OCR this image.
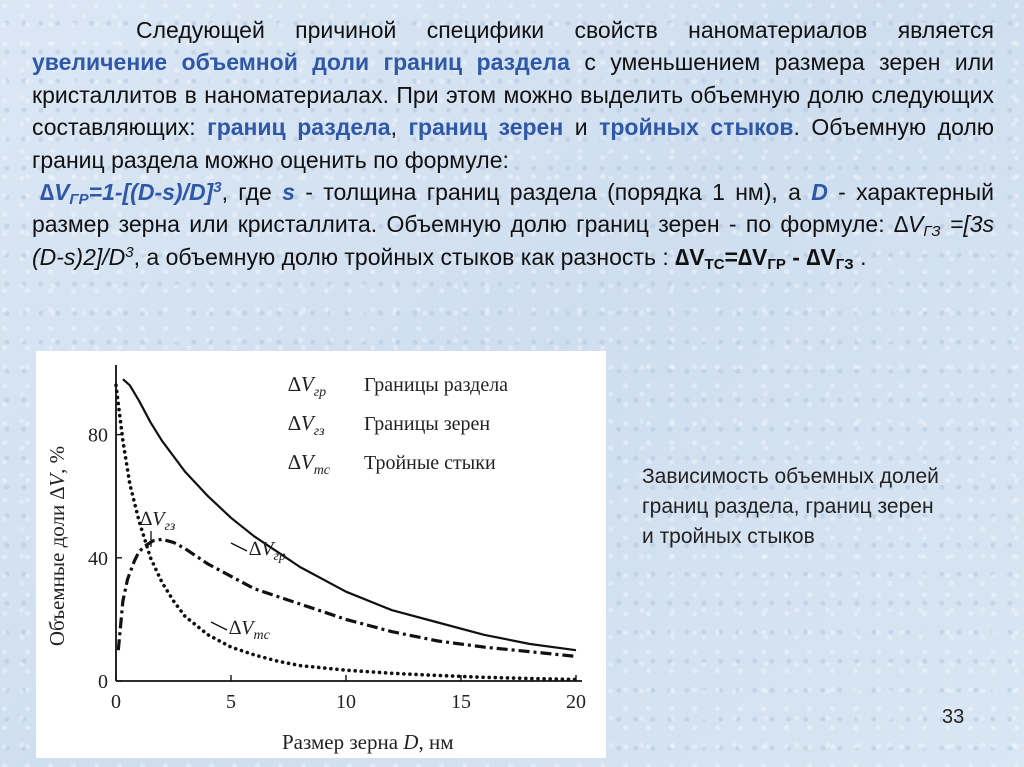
Следующей причиной специфики свойств наноматериалов является увеличение объемной доли границ раздела с уменьшением размера зерен или кристаллитов в наноматериалах. При этом можно выделить объемную долю следующих составляющих: границ раздела, границ зерен и тройных стыков. Объемную долю границ раздела можно оценить по формуле:

$\Delta V_{ГР}=1-[(D-s)/D]^3$, где s - толщина границ раздела (порядка 1 нм), а D - характерный размер зерна или кристаллита. Объемную долю границ зерен - по формуле: $\Delta V_{ГЗ} =[3s$ $(D-s)2]/D^3$, а объемную долю тройных стыков как разность : $\Delta V_{ТС}=\Delta V_{ГР} - \Delta V_{ГЗ}$ .

$\Delta V_{гр}$ Границы раздела
$\Delta V_{гз}$ Границы зерен
$\Delta V_{тс}$ Тройные стыки
0	5	10	15	20
0
40
80
$\Delta V_{гр}$
$\Delta V_{гз}$
$\Delta V_{тс}$
Размер зерна D, нм
Объемные доли ∆V, %
Зависимость объемных долей границ раздела, границ зерен и тройных стыков
33
